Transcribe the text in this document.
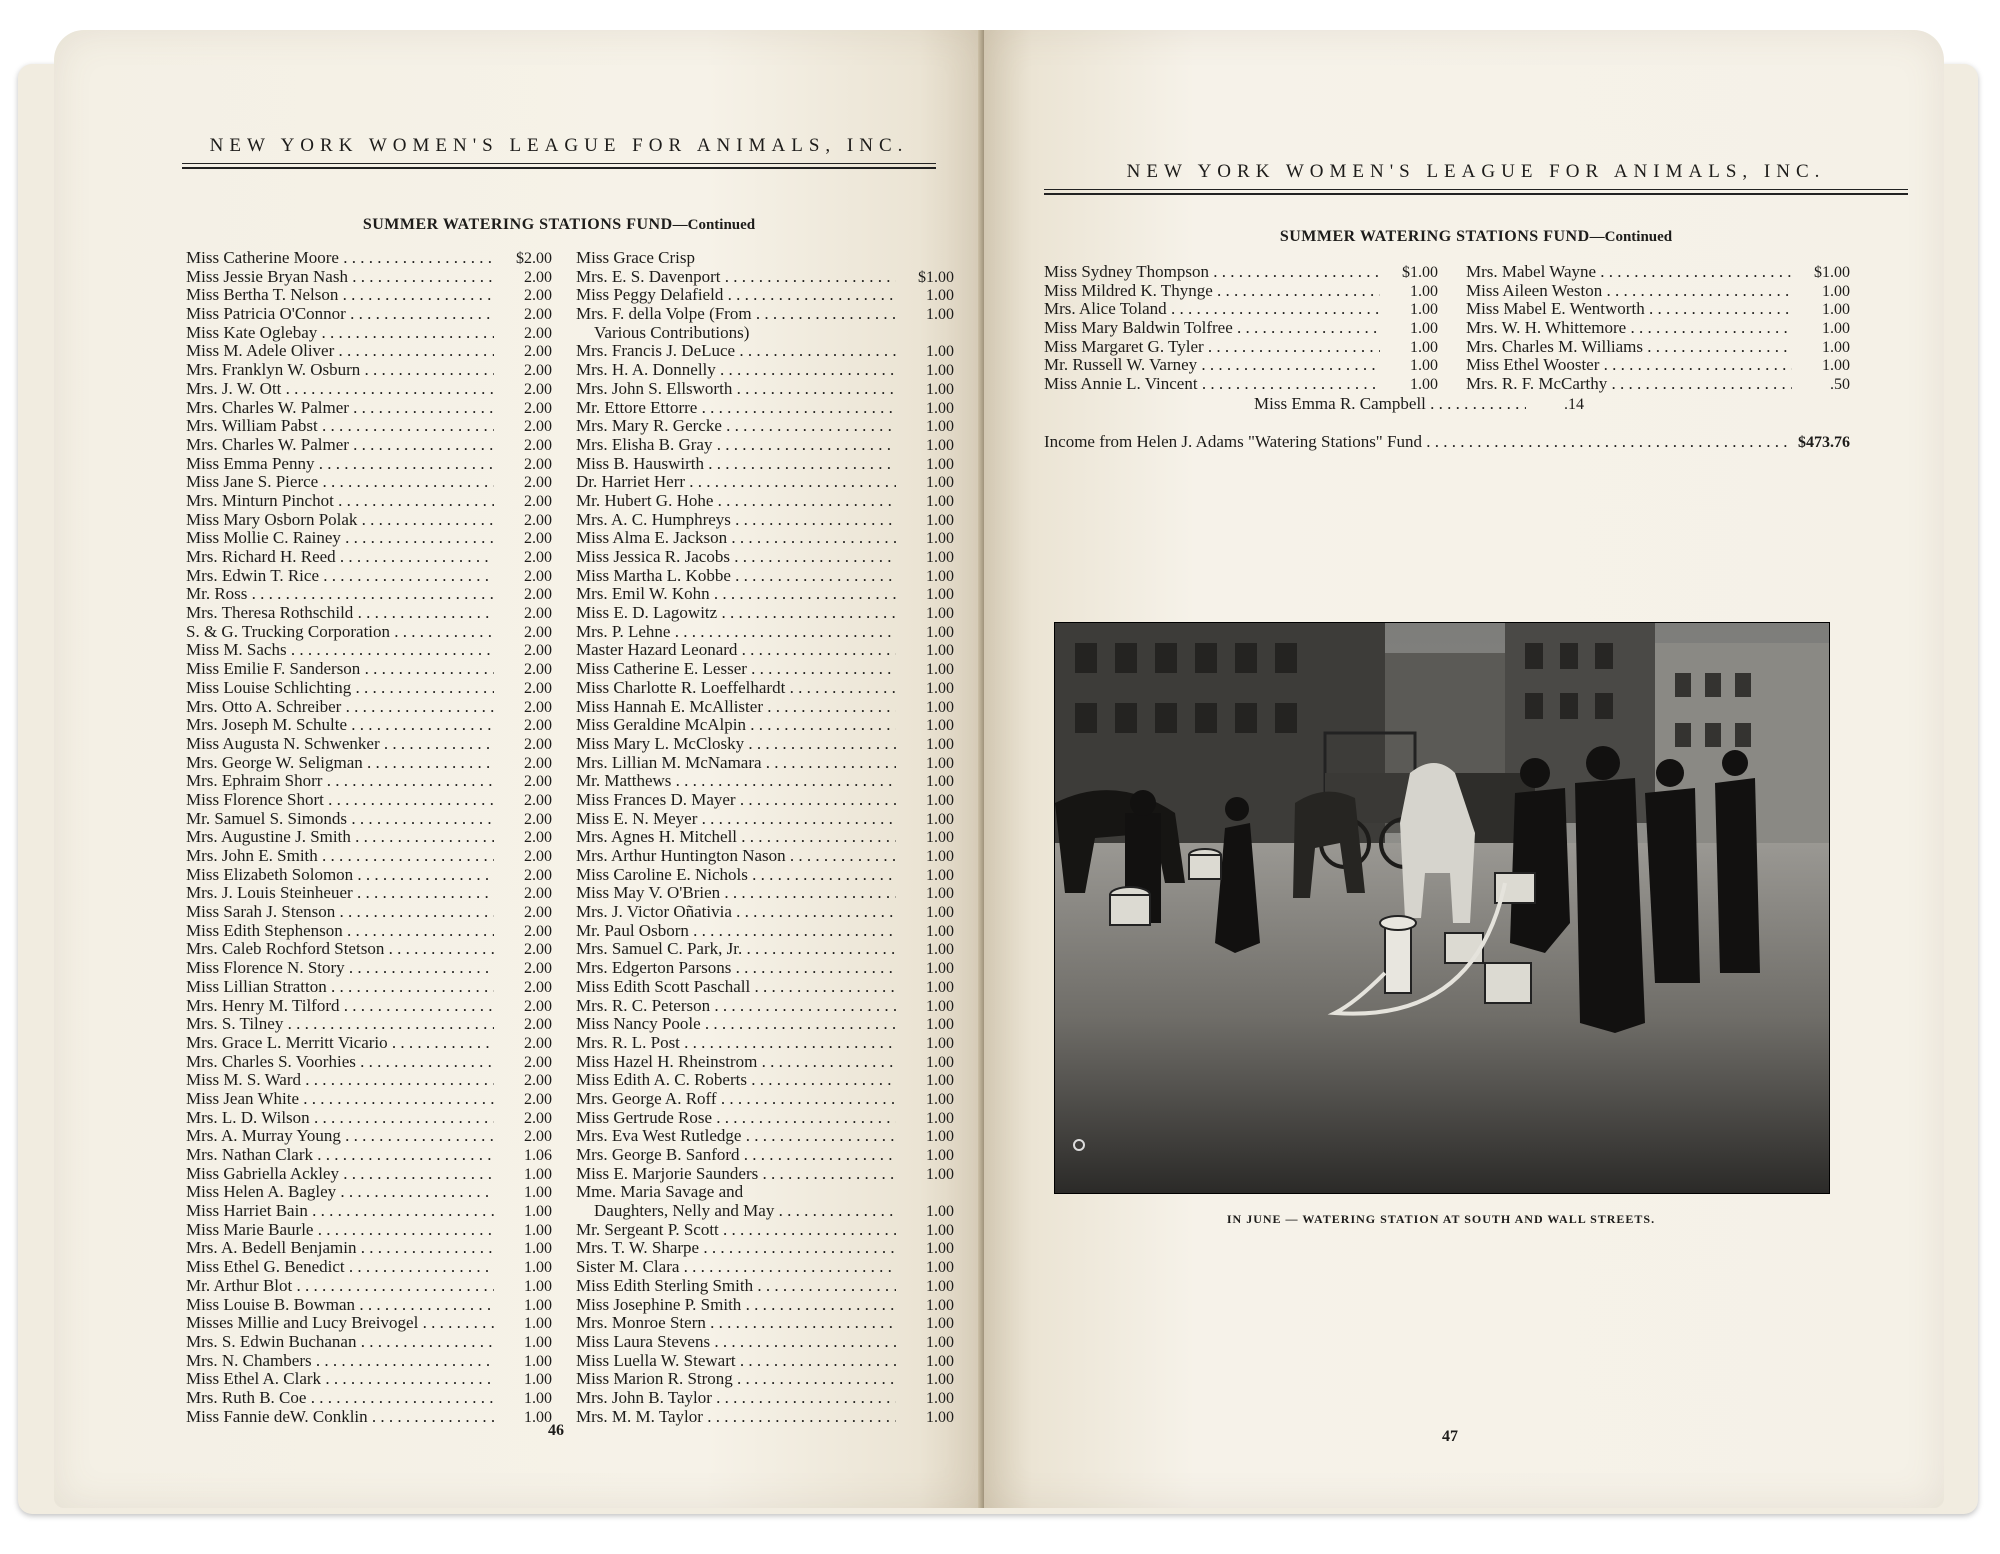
NEW YORK WOMEN'S LEAGUE FOR ANIMALS, INC.
SUMMER WATERING STATIONS FUND—Continued
Miss Catherine Moore . . .	$2.00
Miss Jessie Bryan Nash . . .	2.00
Miss Bertha T. Nelson . . .	2.00
Miss Patricia O'Connor . . .	2.00
Miss Kate Oglebay . . .	2.00
Miss M. Adele Oliver . . .	2.00
Mrs. Franklyn W. Osburn . . .	2.00
Mrs. J. W. Ott . . .	2.00
Mrs. Charles W. Palmer . . .	2.00
Mrs. William Pabst . . .	2.00
Mrs. Charles W. Palmer . . .	2.00
Miss Emma Penny . . .	2.00
Miss Jane S. Pierce . . .	2.00
Mrs. Minturn Pinchot . . .	2.00
Miss Mary Osborn Polak . . .	2.00
Miss Mollie C. Rainey . . .	2.00
Mrs. Richard H. Reed . . .	2.00
Mrs. Edwin T. Rice . . .	2.00
Mr. Ross . . .	2.00
Mrs. Theresa Rothschild . . .	2.00
S. & G. Trucking Corporation . . .	2.00
Miss M. Sachs . . .	2.00
Miss Emilie F. Sanderson . . .	2.00
Miss Louise Schlichting . . .	2.00
Mrs. Otto A. Schreiber . . .	2.00
Mrs. Joseph M. Schulte . . .	2.00
Miss Augusta N. Schwenker . . .	2.00
Mrs. George W. Seligman . . .	2.00
Mrs. Ephraim Shorr . . .	2.00
Miss Florence Short . . .	2.00
Mr. Samuel S. Simonds . . .	2.00
Mrs. Augustine J. Smith . . .	2.00
Mrs. John E. Smith . . .	2.00
Miss Elizabeth Solomon . . .	2.00
Mrs. J. Louis Steinheuer . . .	2.00
Miss Sarah J. Stenson . . .	2.00
Miss Edith Stephenson . . .	2.00
Mrs. Caleb Rochford Stetson . . .	2.00
Miss Florence N. Story . . .	2.00
Miss Lillian Stratton . . .	2.00
Mrs. Henry M. Tilford . . .	2.00
Mrs. S. Tilney . . .	2.00
Mrs. Grace L. Merritt Vicario . . .	2.00
Mrs. Charles S. Voorhies . . .	2.00
Miss M. S. Ward . . .	2.00
Miss Jean White . . .	2.00
Mrs. L. D. Wilson . . .	2.00
Mrs. A. Murray Young . . .	2.00
Mrs. Nathan Clark . . .	1.06
Miss Gabriella Ackley . . .	1.00
Miss Helen A. Bagley . . .	1.00
Miss Harriet Bain . . .	1.00
Miss Marie Baurle . . .	1.00
Mrs. A. Bedell Benjamin . . .	1.00
Miss Ethel G. Benedict . . .	1.00
Mr. Arthur Blot . . .	1.00
Miss Louise B. Bowman . . .	1.00
Misses Millie and Lucy Breivogel . . .	1.00
Mrs. S. Edwin Buchanan . . .	1.00
Mrs. N. Chambers . . .	1.00
Miss Ethel A. Clark . . .	1.00
Mrs. Ruth B. Coe . . .	1.00
Miss Fannie deW. Conklin . . .	1.00
Miss Grace Crisp
Mrs. E. S. Davenport . . .	$1.00
Miss Peggy Delafield . . .	1.00
Mrs. F. della Volpe (From . . .	1.00
Various Contributions)
Mrs. Francis J. DeLuce . . .	1.00
Mrs. H. A. Donnelly . . .	1.00
Mrs. John S. Ellsworth . . .	1.00
Mr. Ettore Ettorre . . .	1.00
Mrs. Mary R. Gercke . . .	1.00
Mrs. Elisha B. Gray . . .	1.00
Miss B. Hauswirth . . .	1.00
Dr. Harriet Herr . . .	1.00
Mr. Hubert G. Hohe . . .	1.00
Mrs. A. C. Humphreys . . .	1.00
Miss Alma E. Jackson . . .	1.00
Miss Jessica R. Jacobs . . .	1.00
Miss Martha L. Kobbe . . .	1.00
Mrs. Emil W. Kohn . . .	1.00
Miss E. D. Lagowitz . . .	1.00
Mrs. P. Lehne . . .	1.00
Master Hazard Leonard . . .	1.00
Miss Catherine E. Lesser . . .	1.00
Miss Charlotte R. Loeffelhardt . . .	1.00
Miss Hannah E. McAllister . . .	1.00
Miss Geraldine McAlpin . . .	1.00
Miss Mary L. McClosky . . .	1.00
Mrs. Lillian M. McNamara . . .	1.00
Mr. Matthews . . .	1.00
Miss Frances D. Mayer . . .	1.00
Miss E. N. Meyer . . .	1.00
Mrs. Agnes H. Mitchell . . .	1.00
Mrs. Arthur Huntington Nason . . .	1.00
Miss Caroline E. Nichols . . .	1.00
Miss May V. O'Brien . . .	1.00
Mrs. J. Victor Oñativia . . .	1.00
Mr. Paul Osborn . . .	1.00
Mrs. Samuel C. Park, Jr. . . .	1.00
Mrs. Edgerton Parsons . . .	1.00
Miss Edith Scott Paschall . . .	1.00
Mrs. R. C. Peterson . . .	1.00
Miss Nancy Poole . . .	1.00
Mrs. R. L. Post . . .	1.00
Miss Hazel H. Rheinstrom . . .	1.00
Miss Edith A. C. Roberts . . .	1.00
Mrs. George A. Roff . . .	1.00
Miss Gertrude Rose . . .	1.00
Mrs. Eva West Rutledge . . .	1.00
Mrs. George B. Sanford . . .	1.00
Miss E. Marjorie Saunders . . .	1.00
Mme. Maria Savage and
Daughters, Nelly and May . . .	1.00
Mr. Sergeant P. Scott . . .	1.00
Mrs. T. W. Sharpe . . .	1.00
Sister M. Clara . . .	1.00
Miss Edith Sterling Smith . . .	1.00
Miss Josephine P. Smith . . .	1.00
Mrs. Monroe Stern . . .	1.00
Miss Laura Stevens . . .	1.00
Miss Luella W. Stewart . . .	1.00
Miss Marion R. Strong . . .	1.00
Mrs. John B. Taylor . . .	1.00
Mrs. M. M. Taylor . . .	1.00
46
NEW YORK WOMEN'S LEAGUE FOR ANIMALS, INC.
SUMMER WATERING STATIONS FUND—Continued
Miss Sydney Thompson . . .	$1.00
Miss Mildred K. Thynge . . .	1.00
Mrs. Alice Toland . . .	1.00
Miss Mary Baldwin Tolfree . . .	1.00
Miss Margaret G. Tyler . . .	1.00
Mr. Russell W. Varney . . .	1.00
Miss Annie L. Vincent . . .	1.00
Mrs. Mabel Wayne . . .	$1.00
Miss Aileen Weston . . .	1.00
Miss Mabel E. Wentworth . . .	1.00
Mrs. W. H. Whittemore . . .	1.00
Mrs. Charles M. Williams . . .	1.00
Miss Ethel Wooster . . .	1.00
Mrs. R. F. McCarthy . . .	.50
Miss Emma R. Campbell . . .	.14
Income from Helen J. Adams "Watering Stations" Fund . . .	$473.76
IN JUNE — WATERING STATION AT SOUTH AND WALL STREETS.
47
